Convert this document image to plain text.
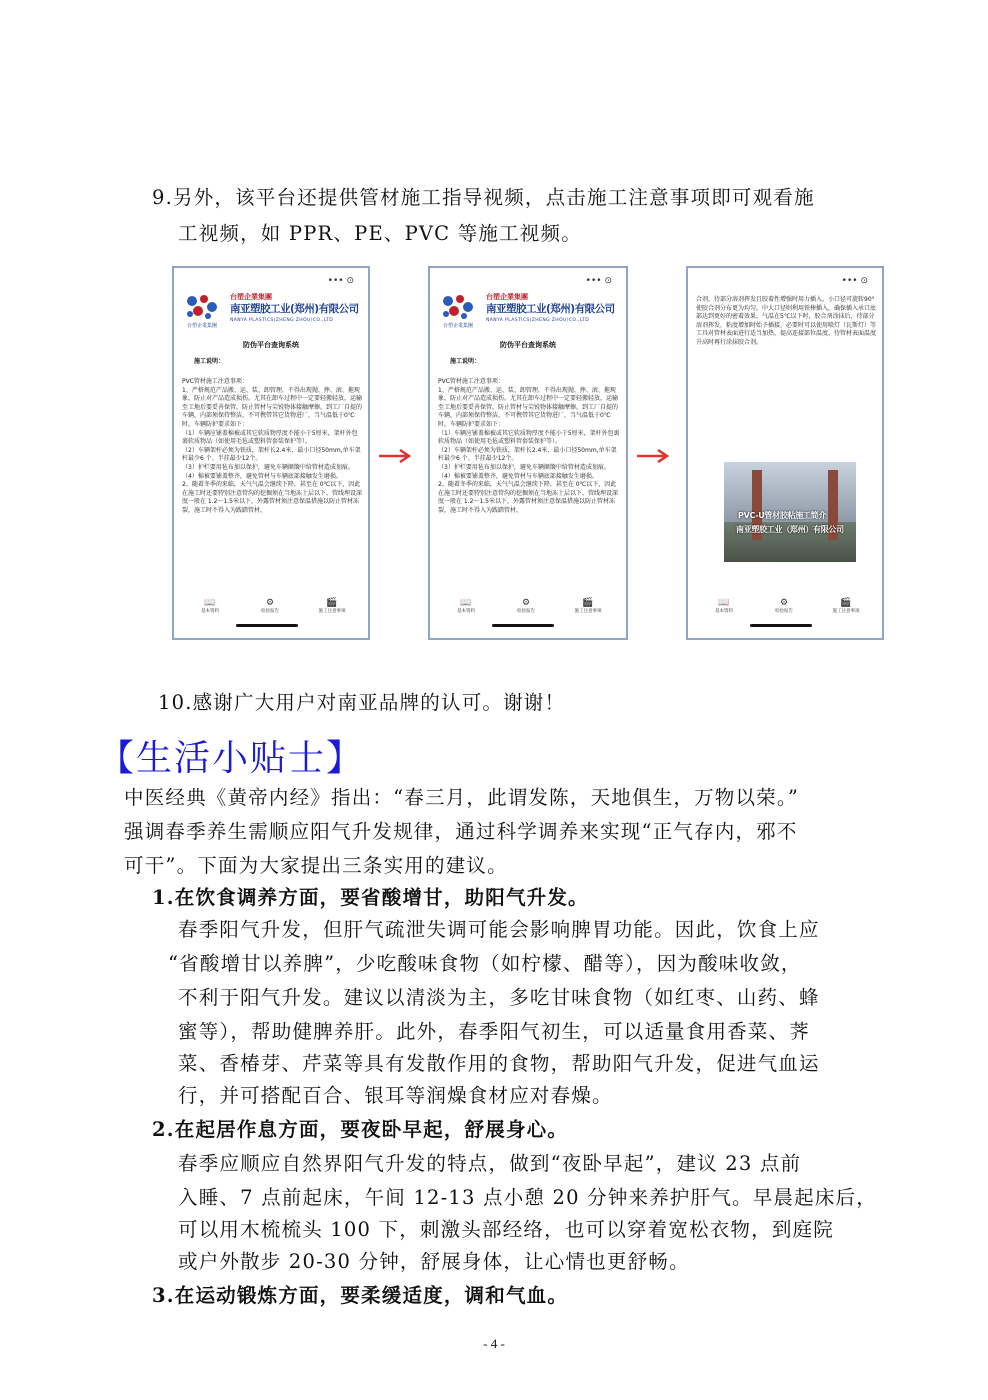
9.另外，该平台还提供管材施工指导视频，点击施工注意事项即可观看施
工视频，如 PPR、PE、PVC 等施工视频。
••• ⊙
台塑企業集團
台塑企業集團
南亚塑胶工业(郑州)有限公司
NANYA PLASTICS(ZHENG ZHOU)CO.,LTD
防伪平台查询系统
施工说明：
PVC管材施工注意事项：
1、严格规范产品搬、运、装、卸管理，不得出现抛、摔、滚、拖现象，防止对产品造成损伤。尤其在卸车过程中一定要轻搬轻放，运输至工地后要妥善保管，防止管材与尖锐物体接触摩擦。到工厂自提的车辆，内部须保持整洁，不可携带其它货物进厂，当气温低于0℃时，车辆防护要求如下：
（1）车辆应铺盖棉被或其它软质物厚度不能小于5厘米，架杆外包裹软质物品（如使用毛毡或塑料管套装保护等）。
（2）车辆架杆必须为铁质，架杆长2.4米、最小口径50mm,单车架杆最少6 个、半挂最少12个。
（3）护栏要用毡布加以保护，避免车辆颠簸中给管材造成划痕。
（4）棉被要铺盖整齐，避免管材与车辆底部接触发生磨损。
2、随着冬季的来临，天气气温会继续下降，甚至在 0℃以下，因此在施工时还要特别注意管沟的挖掘须在当地冻土层以下，管线埋设深度一般在 1.2～1.5米以下，外露管材须注意保温措施以防止管材冻裂，施工时不得入为践踏管材。
📖
基本资料
⚙
检验报告
🎬
施工注意事项
••• ⊙
台塑企業集團
台塑企業集團
南亚塑胶工业(郑州)有限公司
NANYA PLASTICS(ZHENG ZHOU)CO.,LTD
防伪平台查询系统
施工说明：
PVC管材施工注意事项：
1、严格规范产品搬、运、装、卸管理，不得出现抛、摔、滚、拖现象，防止对产品造成损伤。尤其在卸车过程中一定要轻搬轻放，运输至工地后要妥善保管，防止管材与尖锐物体接触摩擦。到工厂自提的车辆，内部须保持整洁，不可携带其它货物进厂，当气温低于0℃时，车辆防护要求如下：
（1）车辆应铺盖棉被或其它软质物厚度不能小于5厘米，架杆外包裹软质物品（如使用毛毡或塑料管套装保护等）。
（2）车辆架杆必须为铁质，架杆长2.4米、最小口径50mm,单车架杆最少6 个、半挂最少12个。
（3）护栏要用毡布加以保护，避免车辆颠簸中给管材造成划痕。
（4）棉被要铺盖整齐，避免管材与车辆底部接触发生磨损。
2、随着冬季的来临，天气气温会继续下降，甚至在 0℃以下，因此在施工时还要特别注意管沟的挖掘须在当地冻土层以下，管线埋设深度一般在 1.2～1.5米以下，外露管材须注意保温措施以防止管材冻裂，施工时不得入为践踏管材。
📖
基本资料
⚙
检验报告
🎬
施工注意事项
••• ⊙
合剂，待部分溶剂挥发且胶着性增强时用力插入。小口径可旋转90°使胶合剂分布更为均匀，中大口径则利用铁棒插入，确保插入承口底部达到更好的密着效果。气温在5℃以下时，胶合剂涂抹后，待部分溶剂挥发，粘度增加时始予插接，必要时可以使用喷灯（瓦斯灯）等工具对管材表面进行适当加热，提高连接部位温度，待管材表面温度升高时再行涂抹胶合剂。
PVC-U管材胶粘施工简介
南亚塑胶工业（郑州）有限公司
📖
基本资料
⚙
检验报告
🎬
施工注意事项
10.感谢广大用户对南亚品牌的认可。谢谢！
【生活小贴士】
中医经典《黄帝内经》指出：“春三月，此谓发陈，天地俱生，万物以荣。”
强调春季养生需顺应阳气升发规律，通过科学调养来实现“正气存内，邪不
可干”。下面为大家提出三条实用的建议。
1.在饮食调养方面，要省酸增甘，助阳气升发。
春季阳气升发，但肝气疏泄失调可能会影响脾胃功能。因此，饮食上应
“省酸增甘以养脾”，少吃酸味食物（如柠檬、醋等），因为酸味收敛，
不利于阳气升发。建议以清淡为主，多吃甘味食物（如红枣、山药、蜂
蜜等），帮助健脾养肝。此外，春季阳气初生，可以适量食用香菜、荠
菜、香椿芽、芹菜等具有发散作用的食物，帮助阳气升发，促进气血运
行，并可搭配百合、银耳等润燥食材应对春燥。
2.在起居作息方面，要夜卧早起，舒展身心。
春季应顺应自然界阳气升发的特点，做到“夜卧早起”，建议 23 点前
入睡、7 点前起床，午间 12-13 点小憩 20 分钟来养护肝气。早晨起床后，
可以用木梳梳头 100 下，刺激头部经络，也可以穿着宽松衣物，到庭院
或户外散步 20-30 分钟，舒展身体，让心情也更舒畅。
3.在运动锻炼方面，要柔缓适度，调和气血。
- 4 -
